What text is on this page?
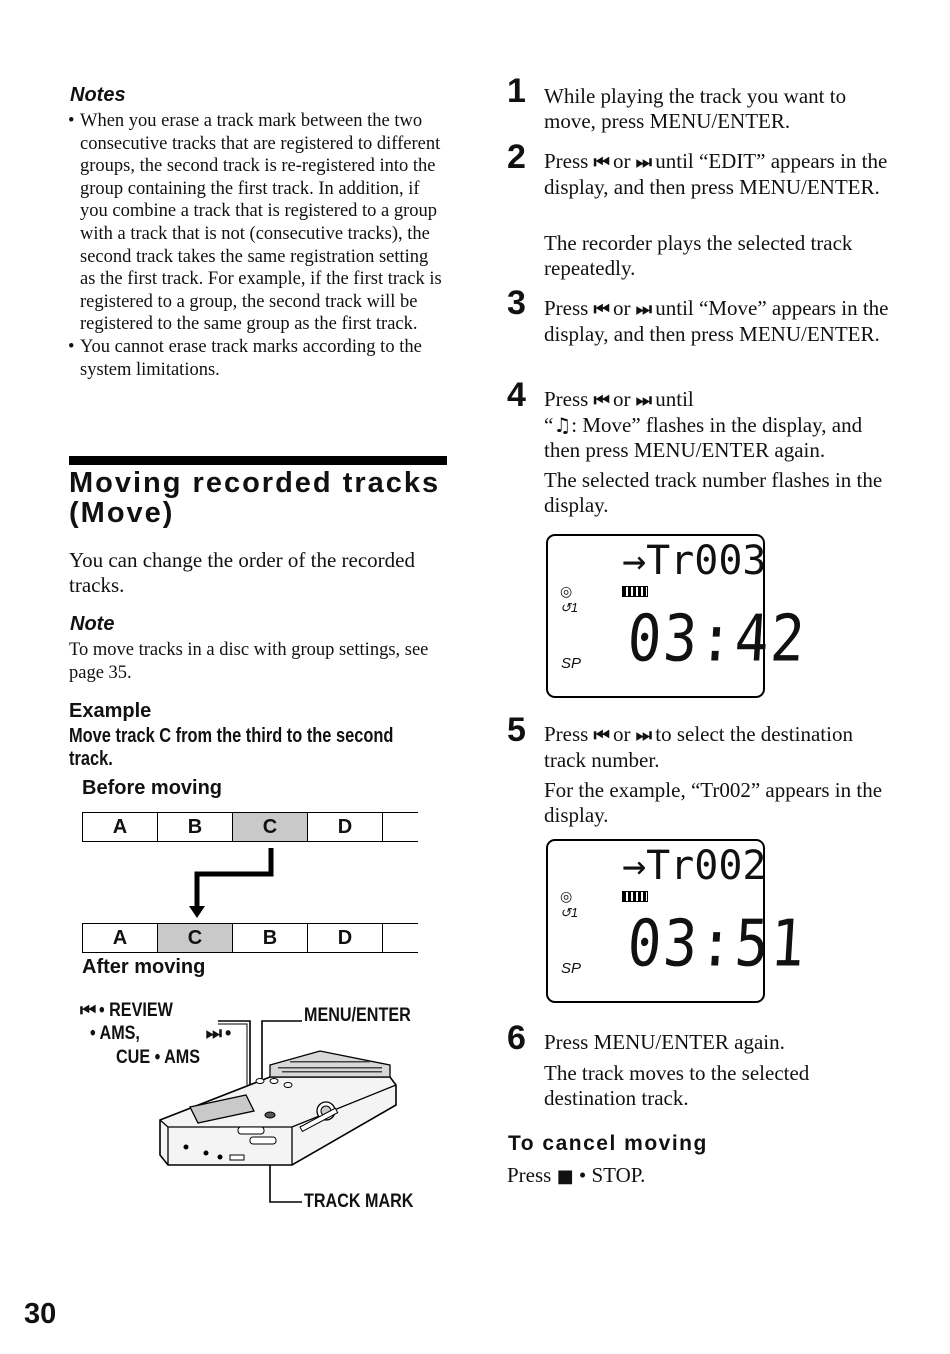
Notes
• When you erase a track mark between the two consecutive tracks that are registered to different groups, the second track is re-registered into the group containing the first track. In addition, if you combine a track that is registered to a group with a track that is not (consecutive tracks), the second track takes the same registration setting as the first track. For example, if the first track is registered to a group, the second track will be registered to the same group as the first track.
• You cannot erase track marks according to the system limitations.
Moving recorded tracks
(Move)
You can change the order of the recorded tracks.
Note
To move tracks in a disc with group settings, see page 35.
Example
Move track C from the third to the second track.
Before moving
A	B	C	D
A	C	B	D
After moving
⏮ • REVIEW
• AMS,	⏭ •
CUE • AMS
MENU/ENTER
TRACK MARK
30
1 While playing the track you want to move, press MENU/ENTER.
2 Press ⏮ or ⏭ until “EDIT” appears in the display, and then press MENU/ENTER.
The recorder plays the selected track repeatedly.
3 Press ⏮ or ⏭ until “Move” appears in the display, and then press MENU/ENTER.
4 Press ⏮ or ⏭ until
“♫: Move” flashes in the display, and then press MENU/ENTER again.
The selected track number flashes in the display.
→Tr003
◎
↺1 03:42
SP
5 Press ⏮ or ⏭ to select the destination track number.
For the example, “Tr002” appears in the display.
→Tr002
◎
↺1 03:51
SP
6 Press MENU/ENTER again.
The track moves to the selected destination track.
To cancel moving
Press ■ • STOP.
